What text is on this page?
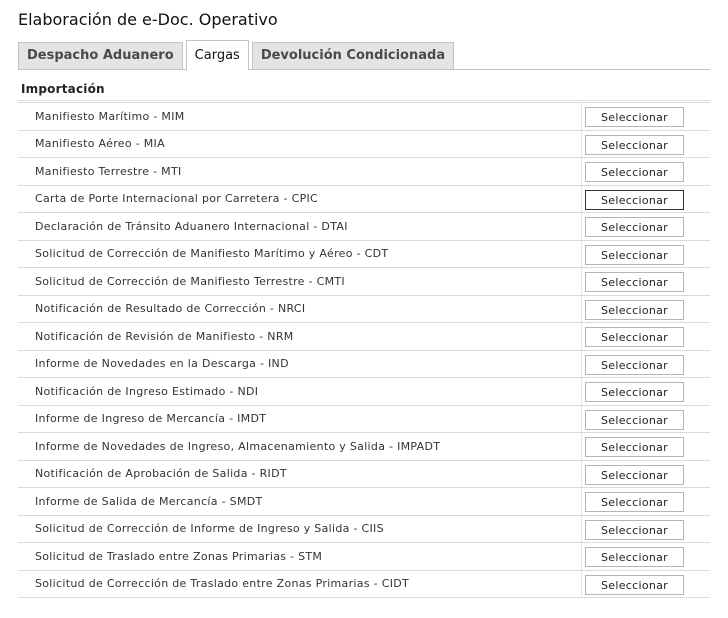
Elaboración de e-Doc. Operativo
Despacho Aduanero	Cargas	Devolución Condicionada
Importación
Manifiesto Marítimo - MIM	Seleccionar
Manifiesto Aéreo - MIA	Seleccionar
Manifiesto Terrestre - MTI	Seleccionar
Carta de Porte Internacional por Carretera - CPIC	Seleccionar
Declaración de Tránsito Aduanero Internacional - DTAI	Seleccionar
Solicitud de Corrección de Manifiesto Marítimo y Aéreo - CDT	Seleccionar
Solicitud de Corrección de Manifiesto Terrestre - CMTI	Seleccionar
Notificación de Resultado de Corrección - NRCI	Seleccionar
Notificación de Revisión de Manifiesto - NRM	Seleccionar
Informe de Novedades en la Descarga - IND	Seleccionar
Notificación de Ingreso Estimado - NDI	Seleccionar
Informe de Ingreso de Mercancía - IMDT	Seleccionar
Informe de Novedades de Ingreso, Almacenamiento y Salida - IMPADT	Seleccionar
Notificación de Aprobación de Salida - RIDT	Seleccionar
Informe de Salida de Mercancía - SMDT	Seleccionar
Solicitud de Corrección de Informe de Ingreso y Salida - CIIS	Seleccionar
Solicitud de Traslado entre Zonas Primarias - STM	Seleccionar
Solicitud de Corrección de Traslado entre Zonas Primarias - CIDT	Seleccionar
